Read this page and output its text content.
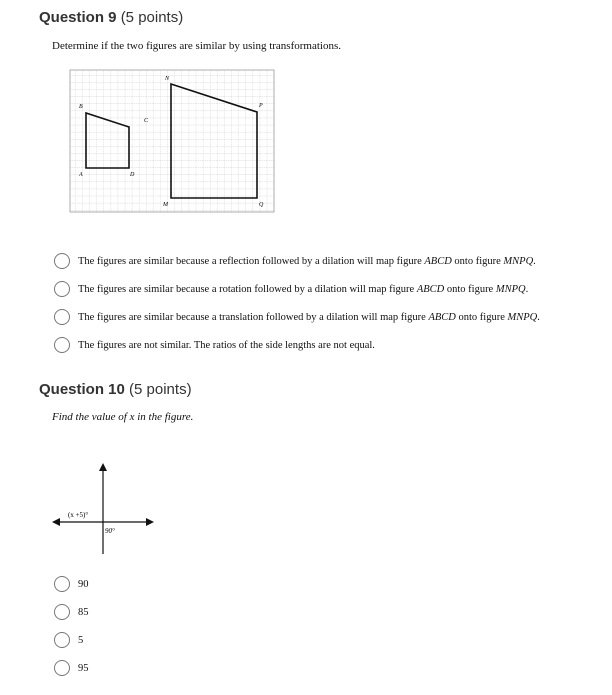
Question 9 (5 points)
Determine if the two figures are similar by using transformations.
B
C
A	D
N
P
M	Q
The figures are similar because a reflection followed by a dilation will map figure ABCD onto figure MNPQ.
The figures are similar because a rotation followed by a dilation will map figure ABCD onto figure MNPQ.
The figures are similar because a translation followed by a dilation will map figure ABCD onto figure MNPQ.
The figures are not similar. The ratios of the side lengths are not equal.
Question 10 (5 points)
Find the value of x in the figure.
(x +5)°
90°
90
85
5
95
